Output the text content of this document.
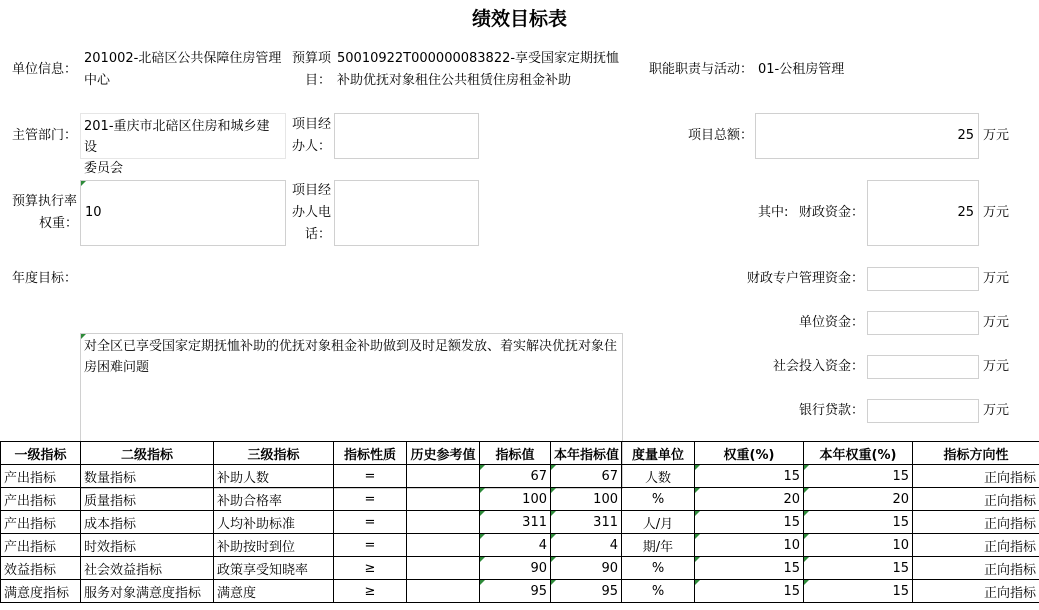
绩效目标表
单位信息：
201002-北碚区公共保障住房管理
中心
预算项
目：
50010922T000000083822-享受国家定期抚恤
补助优抚对象租住公共租赁住房租金补助
职能职责与活动： 01-公租房管理
主管部门：
201-重庆市北碚区住房和城乡建设
委员会
项目经
办人：
项目总额：	25 万元
预算执行率
权重：
10
项目经
办人电
话：
其中: 财政资金：	25 万元
年度目标：
对全区已享受国家定期抚恤补助的优抚对象租金补助做到及时足额发放、着实解决优抚对象住
房困难问题
财政专户管理资金：	万元
单位资金：	万元
社会投入资金：	万元
银行贷款：	万元
一级指标	二级指标	三级指标	指标性质	历史参考值	指标值	本年指标值	度量单位	权重(%)	本年权重(%)	指标方向性
产出指标	数量指标	补助人数	=		67	67	人数	15	15	正向指标
产出指标	质量指标	补助合格率	=		100	100	%	20	20	正向指标
产出指标	成本指标	人均补助标准	=		311	311	人/月	15	15	正向指标
产出指标	时效指标	补助按时到位	=		4	4	期/年	10	10	正向指标
效益指标	社会效益指标	政策享受知晓率	≥		90	90	%	15	15	正向指标
满意度指标	服务对象满意度指标	满意度	≥		95	95	%	15	15	正向指标
